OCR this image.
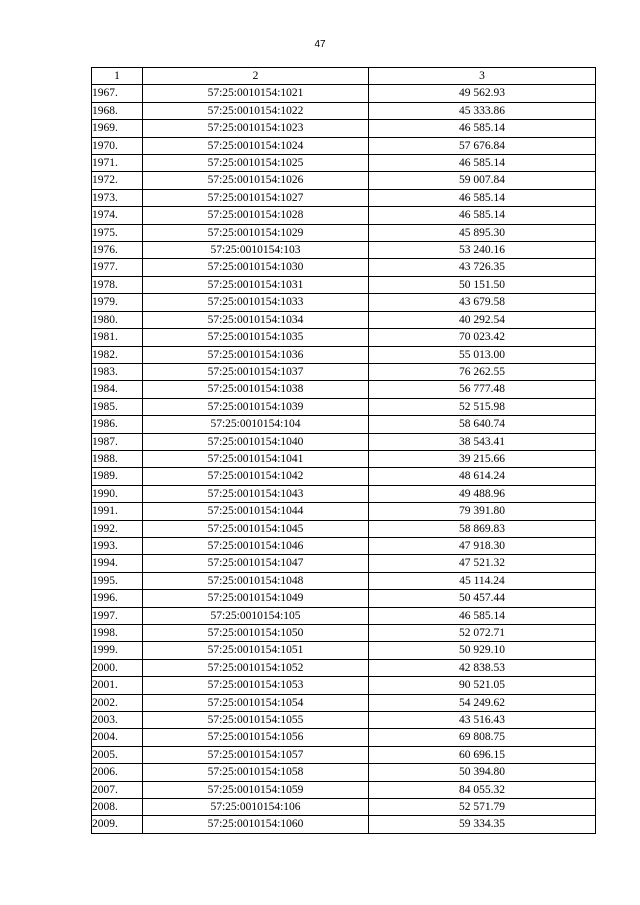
47
1	2	3
1967.	57:25:0010154:1021	49 562.93
1968.	57:25:0010154:1022	45 333.86
1969.	57:25:0010154:1023	46 585.14
1970.	57:25:0010154:1024	57 676.84
1971.	57:25:0010154:1025	46 585.14
1972.	57:25:0010154:1026	59 007.84
1973.	57:25:0010154:1027	46 585.14
1974.	57:25:0010154:1028	46 585.14
1975.	57:25:0010154:1029	45 895.30
1976.	57:25:0010154:103	53 240.16
1977.	57:25:0010154:1030	43 726.35
1978.	57:25:0010154:1031	50 151.50
1979.	57:25:0010154:1033	43 679.58
1980.	57:25:0010154:1034	40 292.54
1981.	57:25:0010154:1035	70 023.42
1982.	57:25:0010154:1036	55 013.00
1983.	57:25:0010154:1037	76 262.55
1984.	57:25:0010154:1038	56 777.48
1985.	57:25:0010154:1039	52 515.98
1986.	57:25:0010154:104	58 640.74
1987.	57:25:0010154:1040	38 543.41
1988.	57:25:0010154:1041	39 215.66
1989.	57:25:0010154:1042	48 614.24
1990.	57:25:0010154:1043	49 488.96
1991.	57:25:0010154:1044	79 391.80
1992.	57:25:0010154:1045	58 869.83
1993.	57:25:0010154:1046	47 918.30
1994.	57:25:0010154:1047	47 521.32
1995.	57:25:0010154:1048	45 114.24
1996.	57:25:0010154:1049	50 457.44
1997.	57:25:0010154:105	46 585.14
1998.	57:25:0010154:1050	52 072.71
1999.	57:25:0010154:1051	50 929.10
2000.	57:25:0010154:1052	42 838.53
2001.	57:25:0010154:1053	90 521.05
2002.	57:25:0010154:1054	54 249.62
2003.	57:25:0010154:1055	43 516.43
2004.	57:25:0010154:1056	69 808.75
2005.	57:25:0010154:1057	60 696.15
2006.	57:25:0010154:1058	50 394.80
2007.	57:25:0010154:1059	84 055.32
2008.	57:25:0010154:106	52 571.79
2009.	57:25:0010154:1060	59 334.35
